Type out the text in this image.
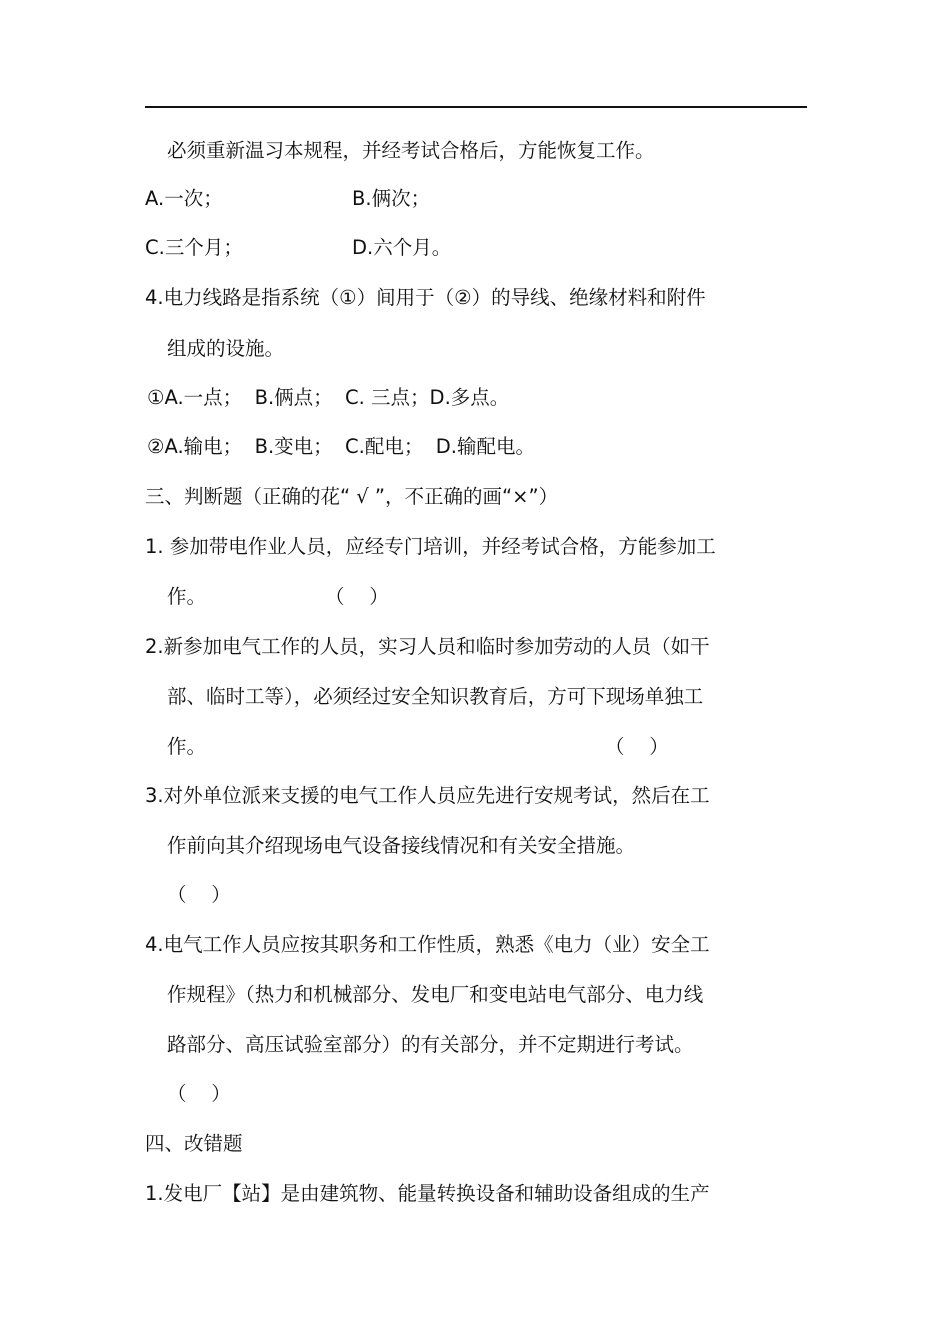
必须重新温习本规程，并经考试合格后，方能恢复工作。
A.一次；	B.俩次；
C.三个月；	D.六个月。
4.电力线路是指系统（①）间用于（②）的导线、绝缘材料和附件
组成的设施。
①A.一点；  B.俩点；  C. 三点；D.多点。
②A.输电；  B.变电；  C.配电；  D.输配电。
三、判断题（正确的花“ √ ”，不正确的画“×”）
1. 参加带电作业人员，应经专门培训，并经考试合格，方能参加工
作。	（    ）
2.新参加电气工作的人员，实习人员和临时参加劳动的人员（如干
部、临时工等），必须经过安全知识教育后，方可下现场单独工
作。	（    ）
3.对外单位派来支援的电气工作人员应先进行安规考试，然后在工
作前向其介绍现场电气设备接线情况和有关安全措施。
（    ）
4.电气工作人员应按其职务和工作性质，熟悉《电力（业）安全工
作规程》（热力和机械部分、发电厂和变电站电气部分、电力线
路部分、高压试验室部分）的有关部分，并不定期进行考试。
（    ）
四、改错题
1.发电厂【站】是由建筑物、能量转换设备和辅助设备组成的生产
